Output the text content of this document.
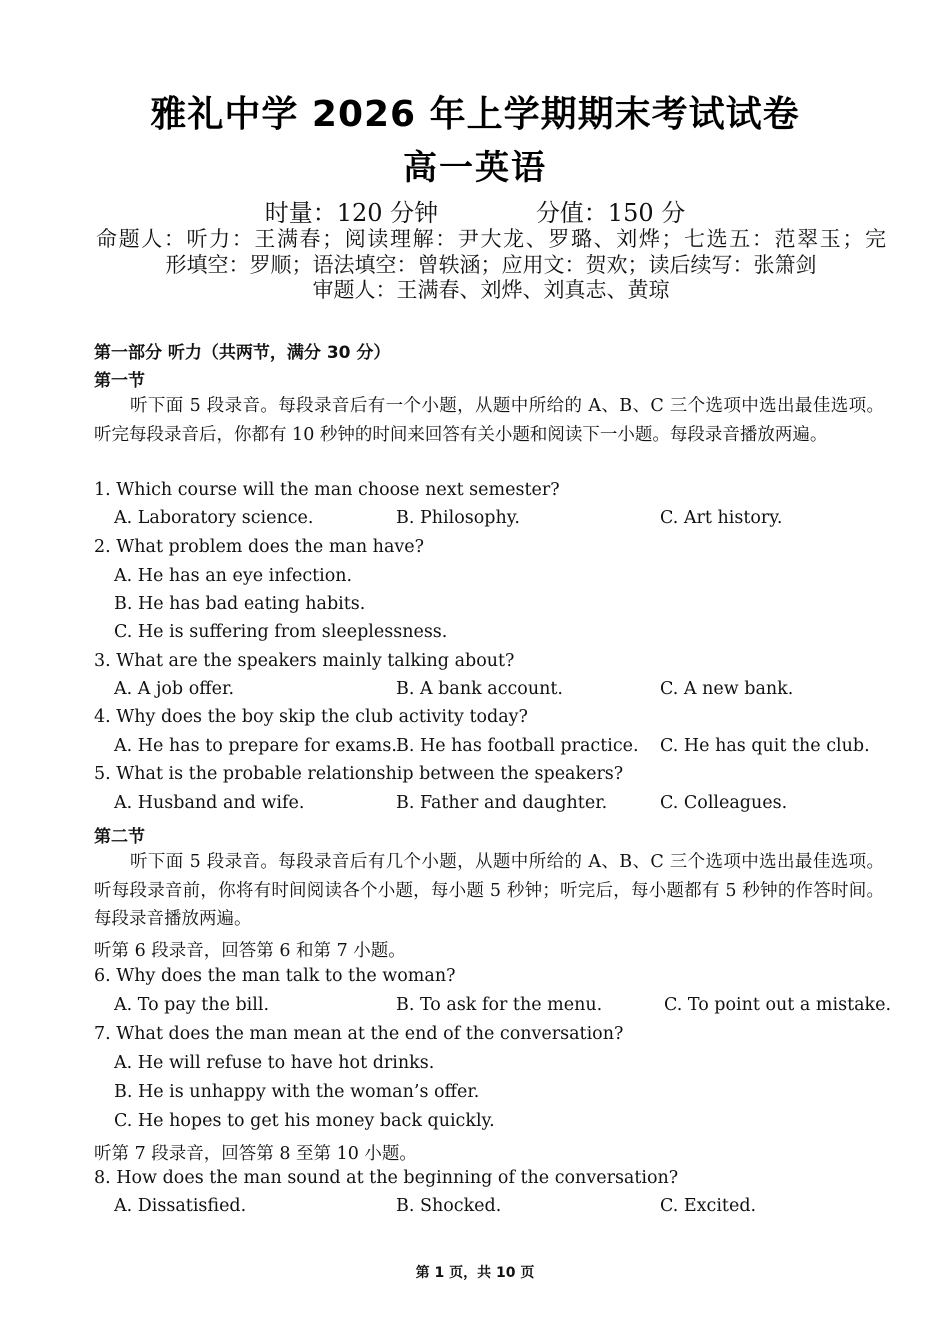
雅礼中学 2026 年上学期期末考试试卷
高一英语
时量：120 分钟	分值：150 分
命题人：听力：王满春；阅读理解：尹大龙、罗璐、刘烨；七选五：范翠玉；完
形填空：罗顺；语法填空：曾轶涵；应用文：贺欢；读后续写：张箫剑
审题人：王满春、刘烨、刘真志、黄琼
第一部分 听力（共两节，满分 30 分）
第一节
听下面 5 段录音。每段录音后有一个小题，从题中所给的 A、B、C 三个选项中选出最佳选项。听完每段录音后，你都有 10 秒钟的时间来回答有关小题和阅读下一小题。每段录音播放两遍。
1. Which course will the man choose next semester?
A. Laboratory science.	B. Philosophy.	C. Art history.
2. What problem does the man have?
A. He has an eye infection.
B. He has bad eating habits.
C. He is suffering from sleeplessness.
3. What are the speakers mainly talking about?
A. A job offer.	B. A bank account.	C. A new bank.
4. Why does the boy skip the club activity today?
A. He has to prepare for exams. B. He has football practice. C. He has quit the club.
5. What is the probable relationship between the speakers?
A. Husband and wife.	B. Father and daughter.	C. Colleagues.
第二节
听下面 5 段录音。每段录音后有几个小题，从题中所给的 A、B、C 三个选项中选出最佳选项。听每段录音前，你将有时间阅读各个小题，每小题 5 秒钟；听完后，每小题都有 5 秒钟的作答时间。每段录音播放两遍。
听第 6 段录音，回答第 6 和第 7 小题。
6. Why does the man talk to the woman?
A. To pay the bill.	B. To ask for the menu.	C. To point out a mistake.
7. What does the man mean at the end of the conversation?
A. He will refuse to have hot drinks.
B. He is unhappy with the woman’s offer.
C. He hopes to get his money back quickly.
听第 7 段录音，回答第 8 至第 10 小题。
8. How does the man sound at the beginning of the conversation?
A. Dissatisfied.	B. Shocked.	C. Excited.
第 1 页，共 10 页
